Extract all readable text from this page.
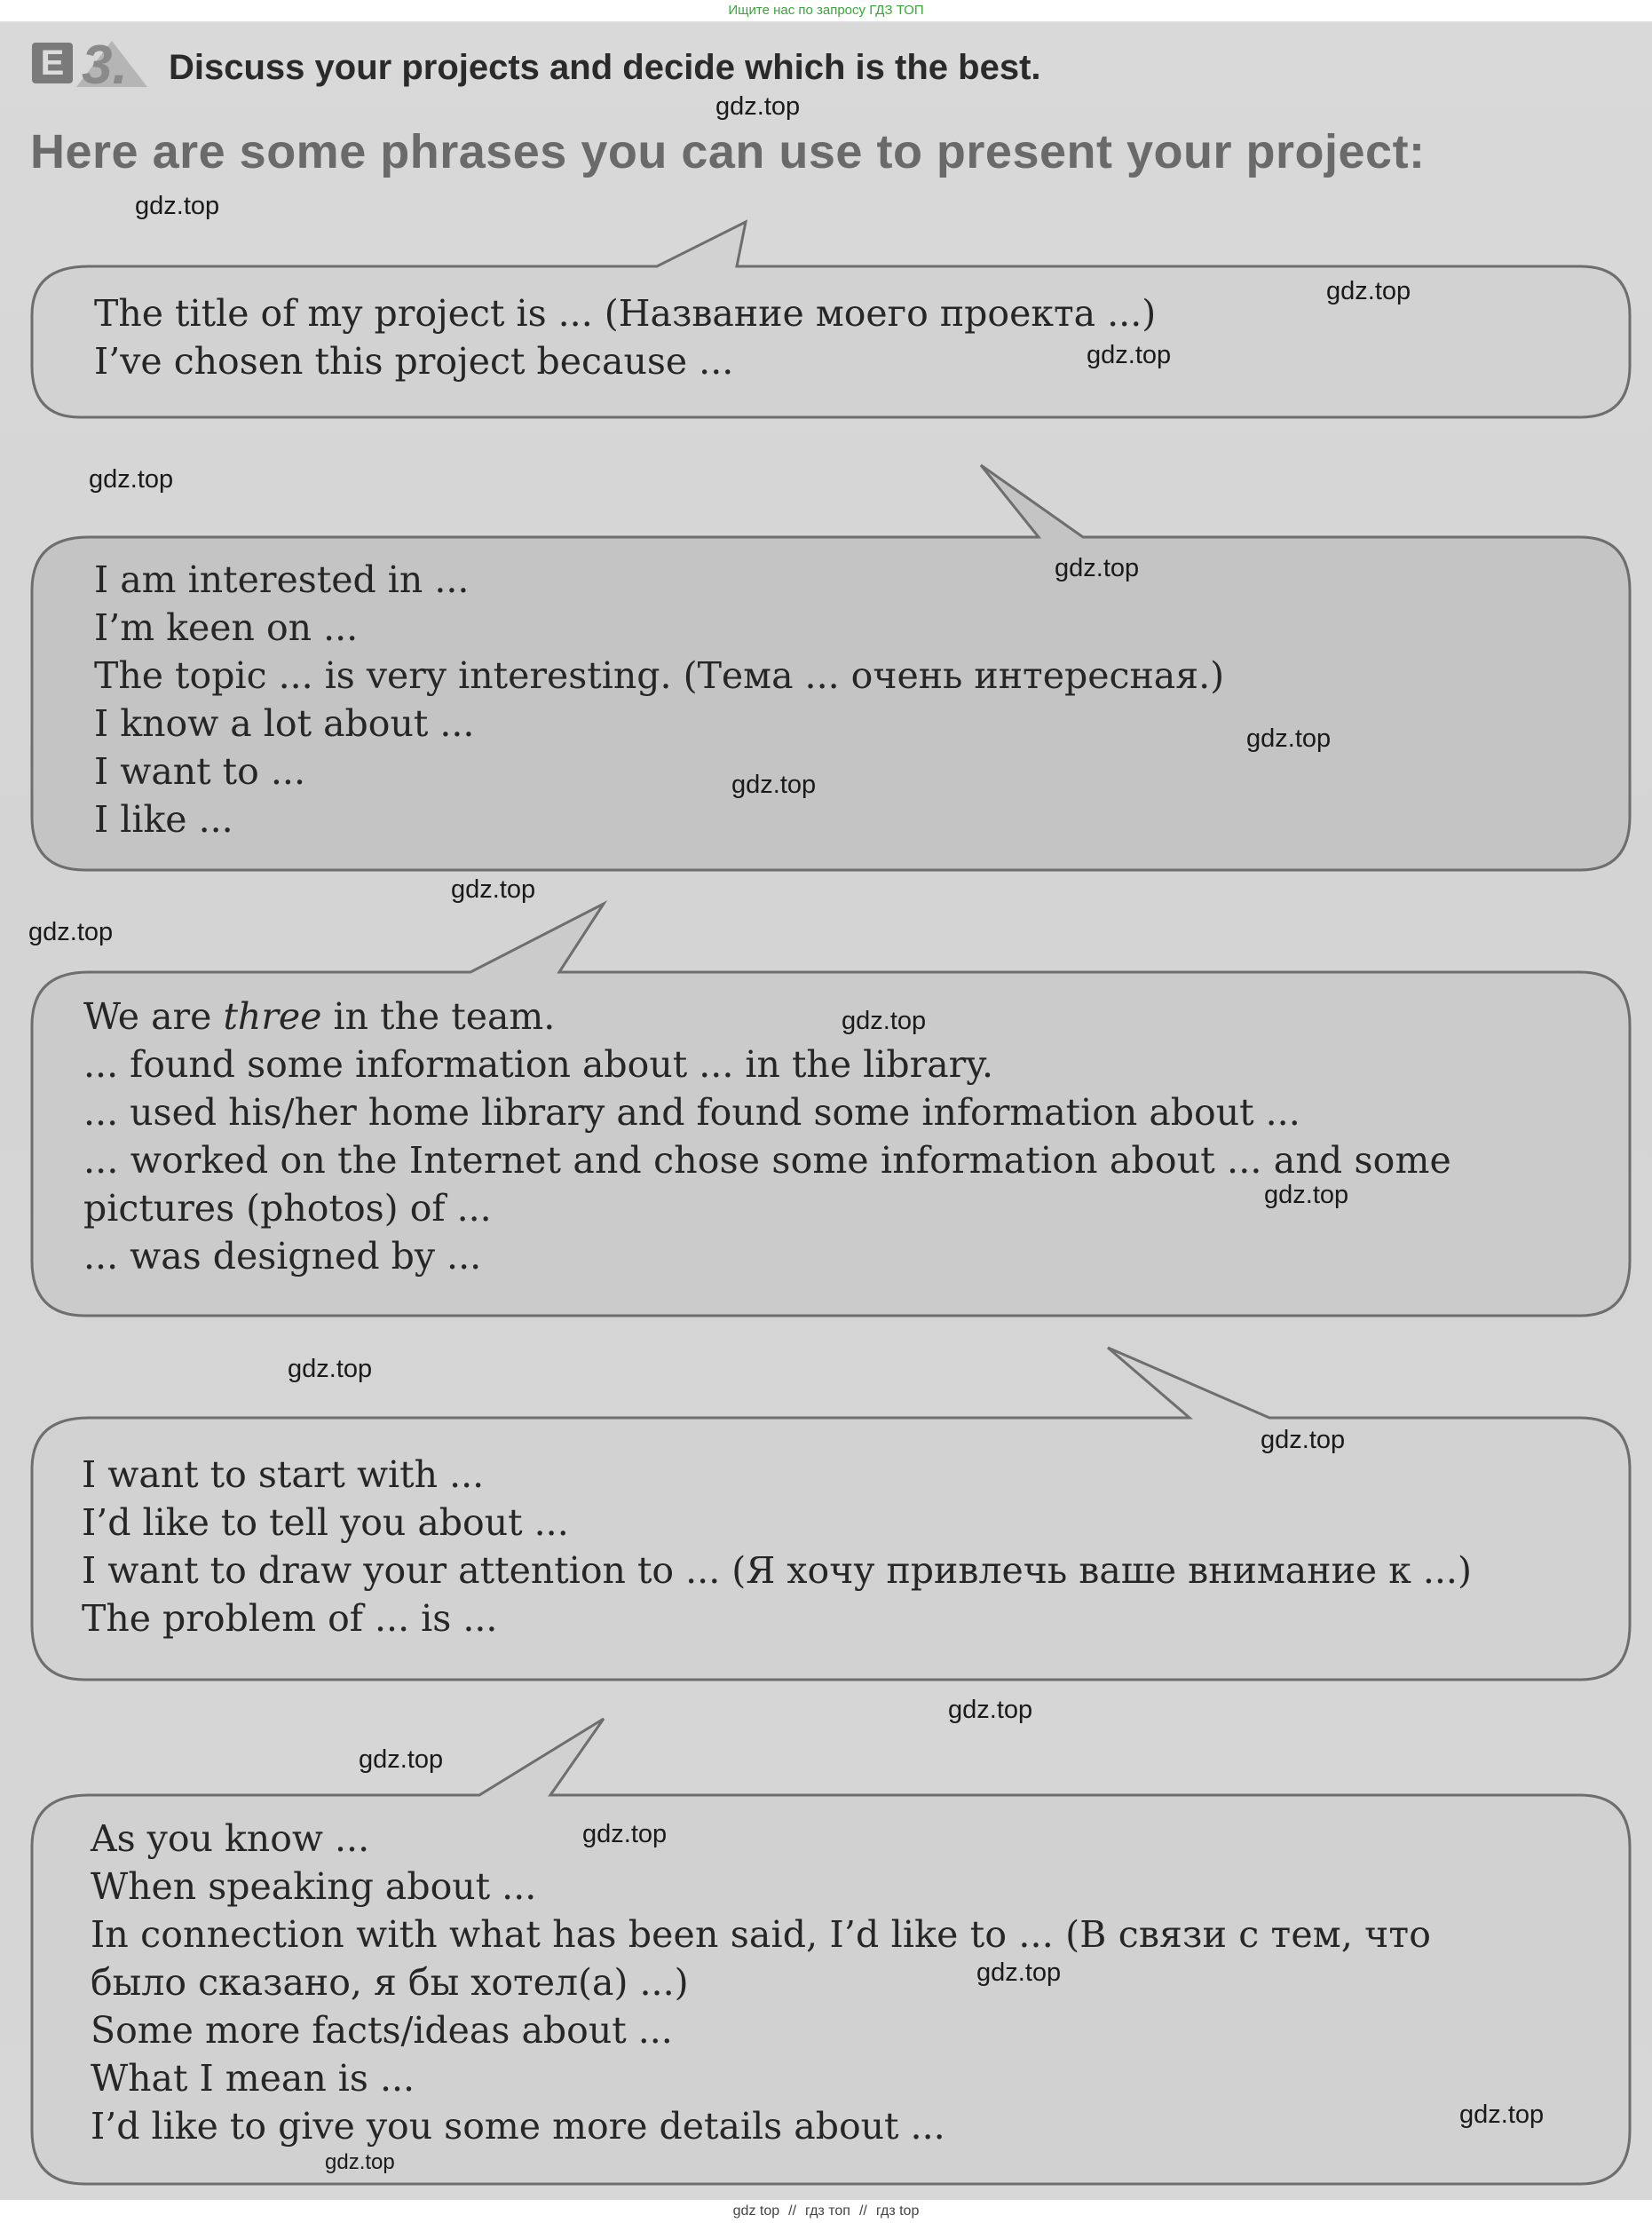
Ищите нас по запросу ГДЗ ТОП
E 3. Discuss your projects and decide which is the best.
Here are some phrases you can use to present your project:
The title of my project is ... (Название моего проекта ...)
I’ve chosen this project because ...
I am interested in ...
I’m keen on ...
The topic ... is very interesting. (Тема ... очень интересная.)
I know a lot about ...
I want to ...
I like ...
We are three in the team.
... found some information about ... in the library.
... used his/her home library and found some information about ...
... worked on the Internet and chose some information about ... and some
pictures (photos) of ...
... was designed by ...
I want to start with ...
I’d like to tell you about ...
I want to draw your attention to ... (Я хочу привлечь ваше внимание к ...)
The problem of ... is ...
As you know ...
When speaking about ...
In connection with what has been said, I’d like to ... (В связи с тем, что
было сказано, я бы хотел(а) ...)
Some more facts/ideas about ...
What I mean is ...
I’d like to give you some more details about ...
gdz.top
gdz.top
gdz.top
gdz.top
gdz.top
gdz.top
gdz.top
gdz.top
gdz.top
gdz.top
gdz.top
gdz.top
gdz.top
gdz.top
gdz.top
gdz.top
gdz.top
gdz.top
gdz.top
gdz.top
gdz top // гдз топ // гдз top
